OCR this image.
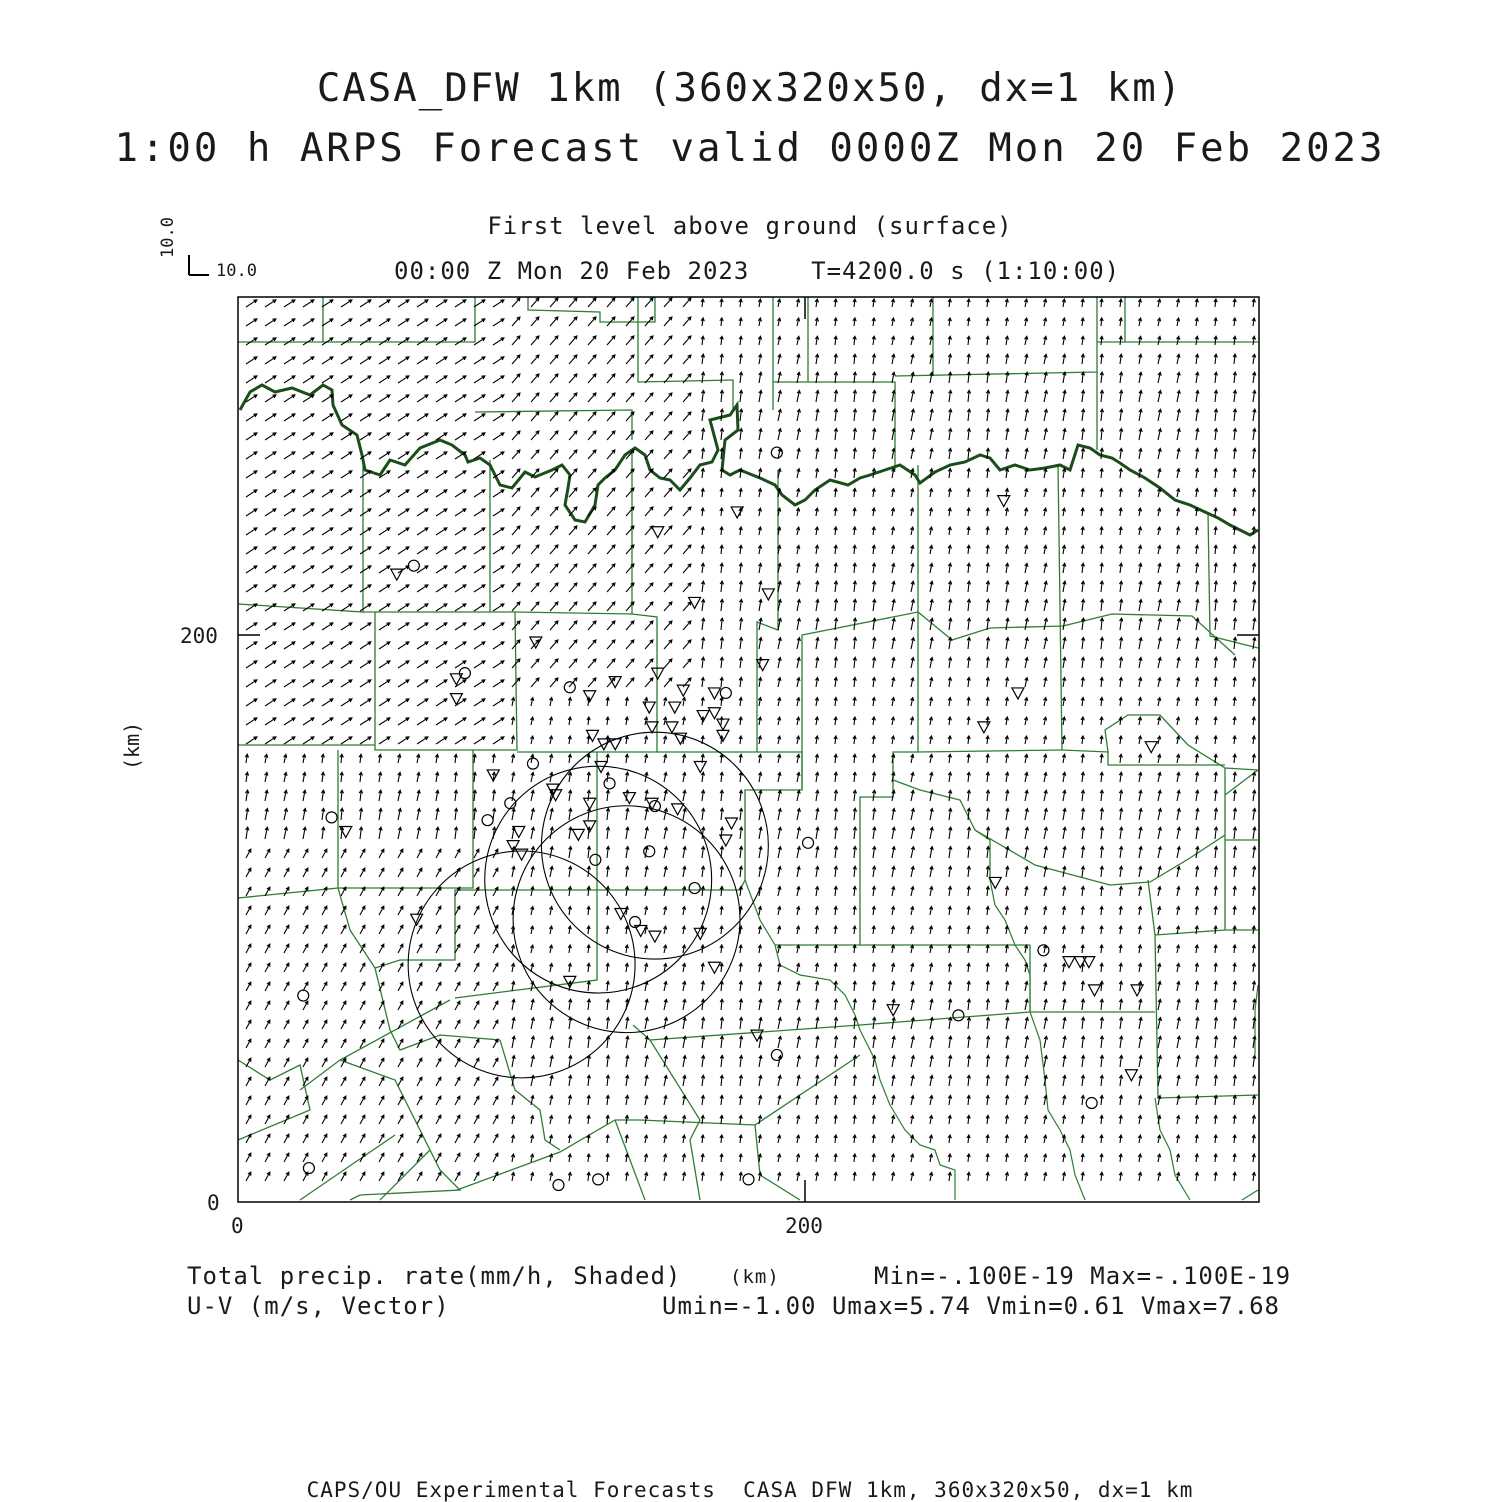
CASA_DFW 1km (360x320x50, dx=1 km)
1:00 h ARPS Forecast valid 0000Z Mon 20 Feb 2023
First level above ground (surface)
00:00 Z Mon 20 Feb 2023    T=4200.0 s (1:10:00)
10.0
10.0
(km)
200
0
0	200
Total precip. rate(mm/h, Shaded)	(km)	Min=-.100E-19 Max=-.100E-19
U-V (m/s, Vector)	Umin=-1.00 Umax=5.74 Vmin=0.61 Vmax=7.68
CAPS/OU Experimental Forecasts  CASA DFW 1km, 360x320x50, dx=1 km
